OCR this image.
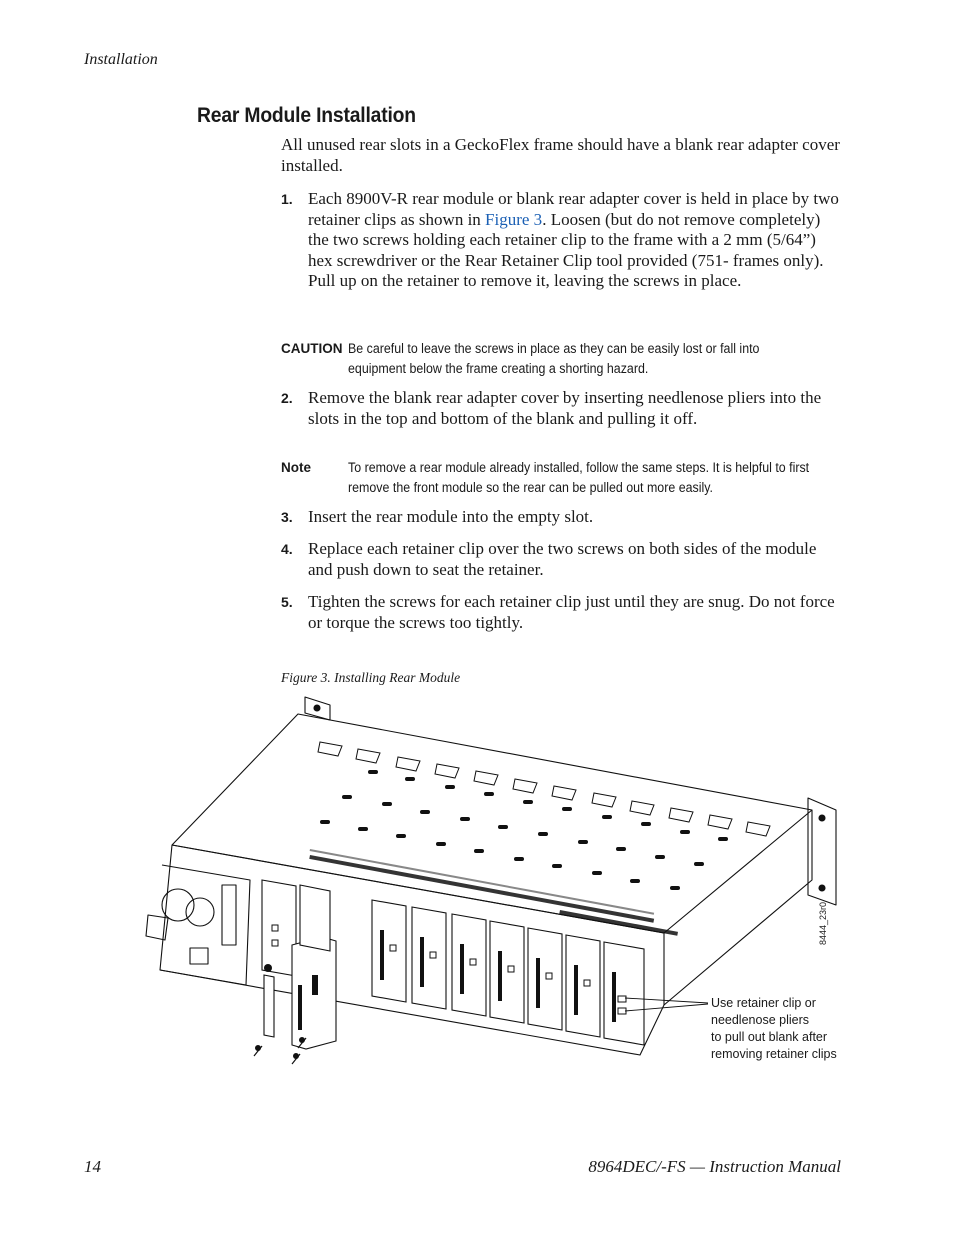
Installation
Rear Module Installation

All unused rear slots in a GeckoFlex frame should have a blank rear adapter cover installed.

1. Each 8900V-R rear module or blank rear adapter cover is held in place by two retainer clips as shown in Figure 3. Loosen (but do not remove completely) the two screws holding each retainer clip to the frame with a 2 mm (5/64”) hex screwdriver or the Rear Retainer Clip tool provided (751- frames only). Pull up on the retainer to remove it, leaving the screws in place.
CAUTION Be careful to leave the screws in place as they can be easily lost or fall into equipment below the frame creating a shorting hazard.
2. Remove the blank rear adapter cover by inserting needlenose pliers into the slots in the top and bottom of the blank and pulling it off.
Note	To remove a rear module already installed, follow the same steps. It is helpful to first remove the front module so the rear can be pulled out more easily.
3. Insert the rear module into the empty slot.
4. Replace each retainer clip over the two screws on both sides of the module and push down to seat the retainer.
5. Tighten the screws for each retainer clip just until they are snug. Do not force or torque the screws too tightly.
Figure 3. Installing Rear Module
8444_23r0
Use retainer clip or
needlenose pliers
to pull out blank after
removing retainer clips
14	8964DEC/-FS — Instruction Manual
